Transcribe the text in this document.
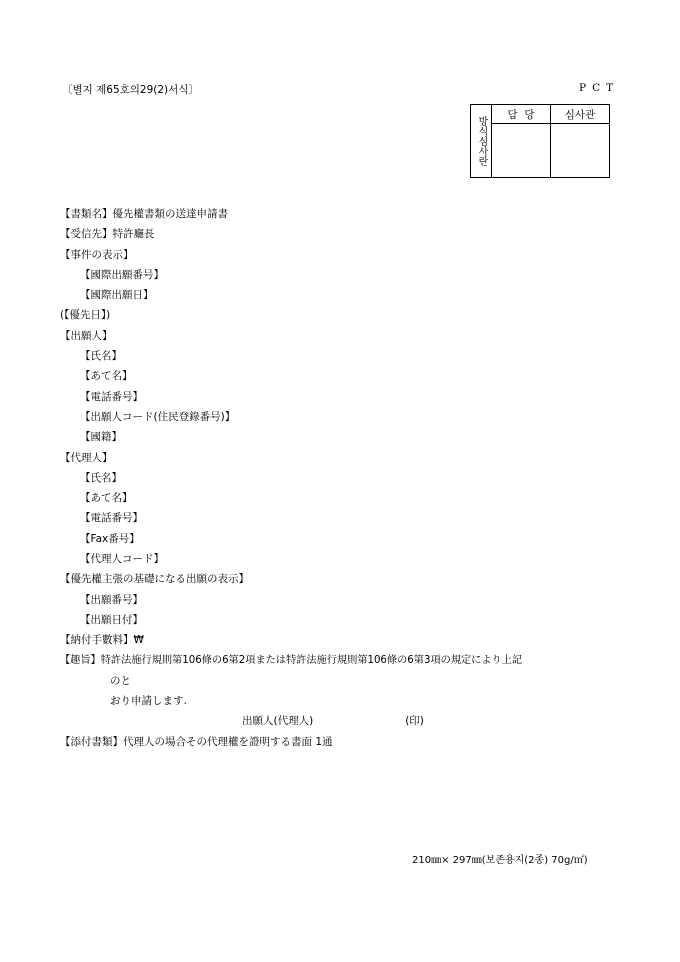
〔별지 제65호의29(2)서식〕	PCT
방식심사란	담  당	심사관

【書類名】優先權書類の送達申請書
【受信先】特許廳長
【事件の表示】
【國際出願番号】
【國際出願日】
(【優先日】)
【出願人】
【氏名】
【あて名】
【電話番号】
【出願人コード(住民登錄番号)】
【國籍】
【代理人】
【氏名】
【あて名】
【電話番号】
【Fax番号】
【代理人コード】
【優先權主張の基礎になる出願の表示】
【出願番号】
【出願日付】
【納付手數料】₩
【趣旨】特許法施行規則第106條の6第2項または特許法施行規則第106條の6第3項の規定により上記
のと
おり申請します.
出願人(代理人)	(印)
【添付書類】代理人の場合その代理權を證明する書面 1通
210㎜× 297㎜(보존용지(2종) 70g/㎡)
